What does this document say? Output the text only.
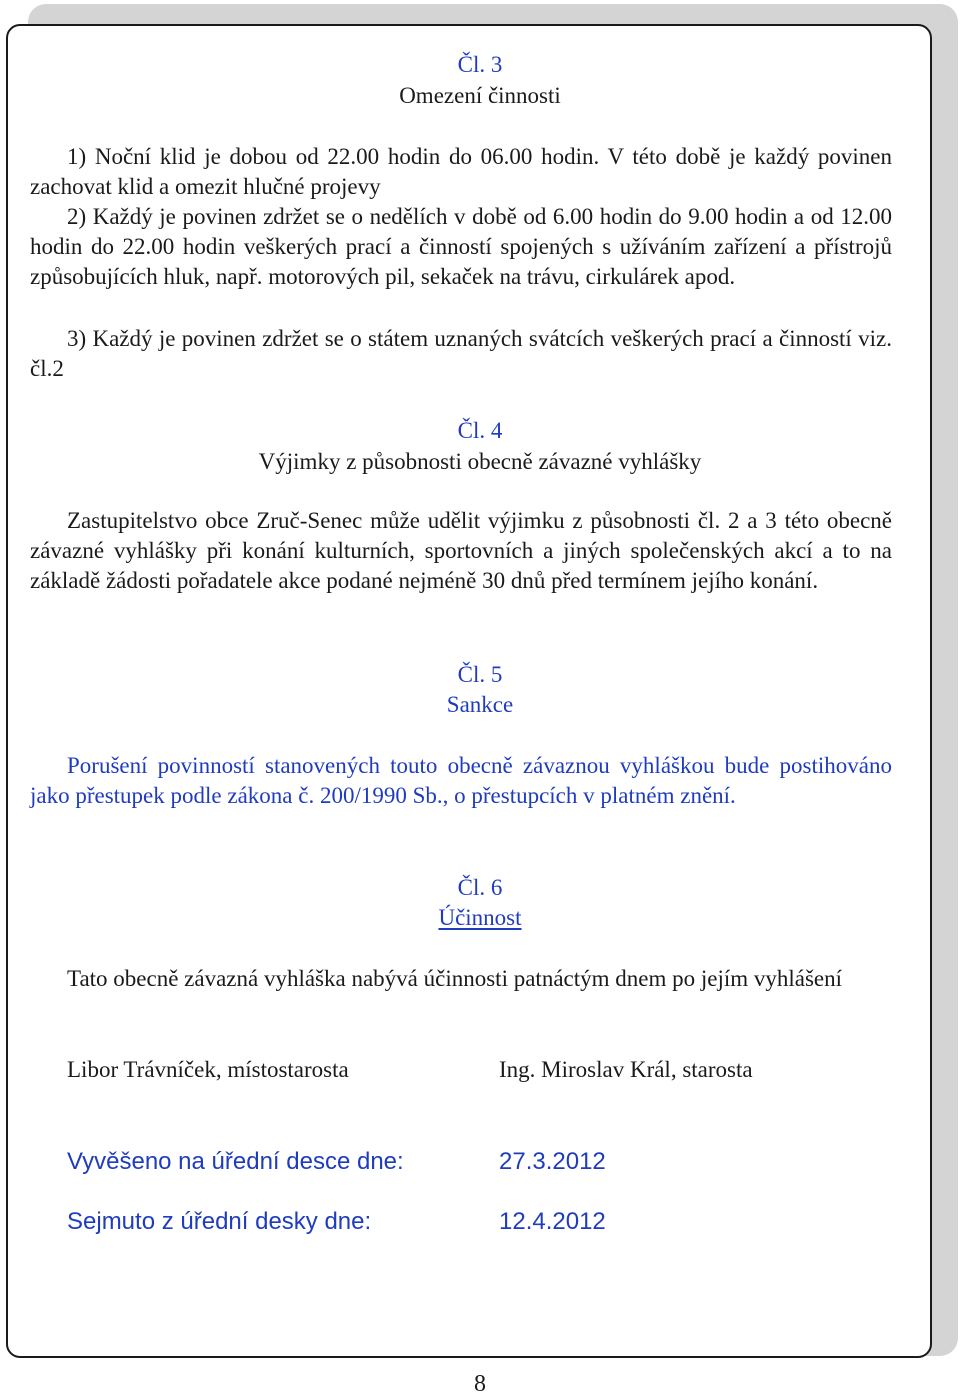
Čl. 3
Omezení činnosti
1) Noční klid je dobou od 22.00 hodin do 06.00 hodin. V této době je každý povinen zachovat klid a omezit hlučné projevy
2) Každý je povinen zdržet se o nedělích v době od 6.00 hodin do 9.00 hodin a od 12.00 hodin do 22.00 hodin veškerých prací a činností spojených s užíváním zařízení a přístrojů způsobujících hluk, např. motorových pil, sekaček na trávu, cirkulárek apod.
3) Každý je povinen zdržet se o státem uznaných svátcích veškerých prací a činností viz. čl.2
Čl. 4
Výjimky z působnosti obecně závazné vyhlášky
Zastupitelstvo obce Zruč-Senec může udělit výjimku z působnosti čl. 2 a 3 této obecně závazné vyhlášky při konání kulturních, sportovních a jiných společenských akcí a to na základě žádosti pořadatele akce podané nejméně 30 dnů před termínem jejího konání.
Čl. 5
Sankce
Porušení povinností stanovených touto obecně závaznou vyhláškou bude postihováno jako přestupek podle zákona č. 200/1990 Sb., o přestupcích v platném znění.
Čl. 6
Účinnost
Tato obecně závazná vyhláška nabývá účinnosti patnáctým dnem po jejím vyhlášení
Libor Trávníček, místostarosta	Ing. Miroslav Král, starosta
Vyvěšeno na úřední desce dne:	27.3.2012
Sejmuto z úřední desky dne:	12.4.2012
8
